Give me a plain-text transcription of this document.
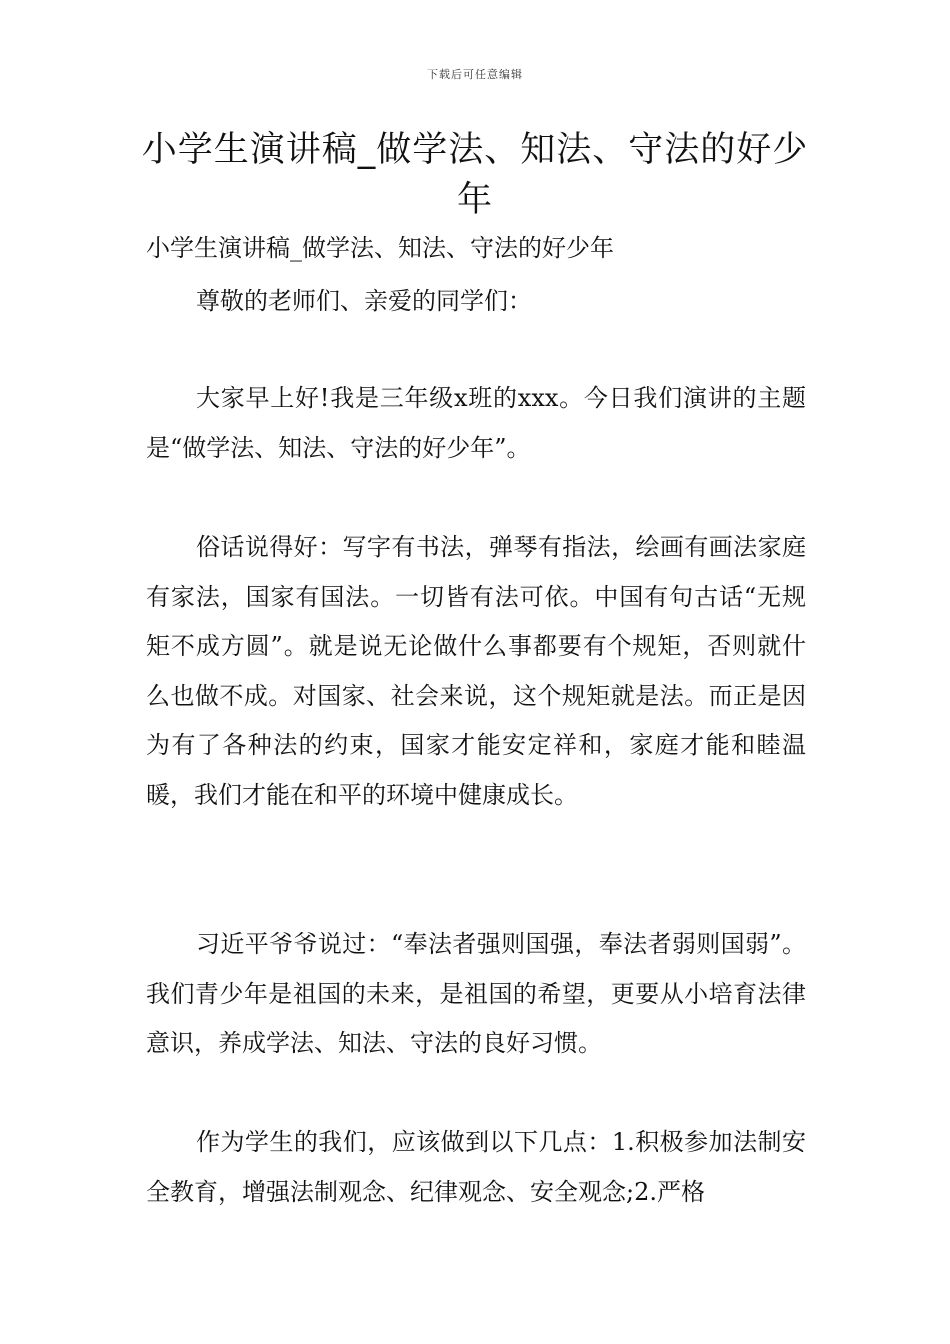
下载后可任意编辑
小学生演讲稿_做学法、知法、守法的好少年

小学生演讲稿_做学法、知法、守法的好少年

尊敬的老师们、亲爱的同学们：

大家早上好!我是三年级x班的xxx。今日我们演讲的主题是“做学法、知法、守法的好少年”。

俗话说得好：写字有书法，弹琴有指法，绘画有画法家庭有家法，国家有国法。一切皆有法可依。中国有句古话“无规矩不成方圆”。就是说无论做什么事都要有个规矩，否则就什么也做不成。对国家、社会来说，这个规矩就是法。而正是因为有了各种法的约束，国家才能安定祥和，家庭才能和睦温暖，我们才能在和平的环境中健康成长。

习近平爷爷说过：“奉法者强则国强，奉法者弱则国弱”。我们青少年是祖国的未来，是祖国的希望，更要从小培育法律意识，养成学法、知法、守法的良好习惯。

作为学生的我们，应该做到以下几点：1.积极参加法制安全教育，增强法制观念、纪律观念、安全观念;2.严格
